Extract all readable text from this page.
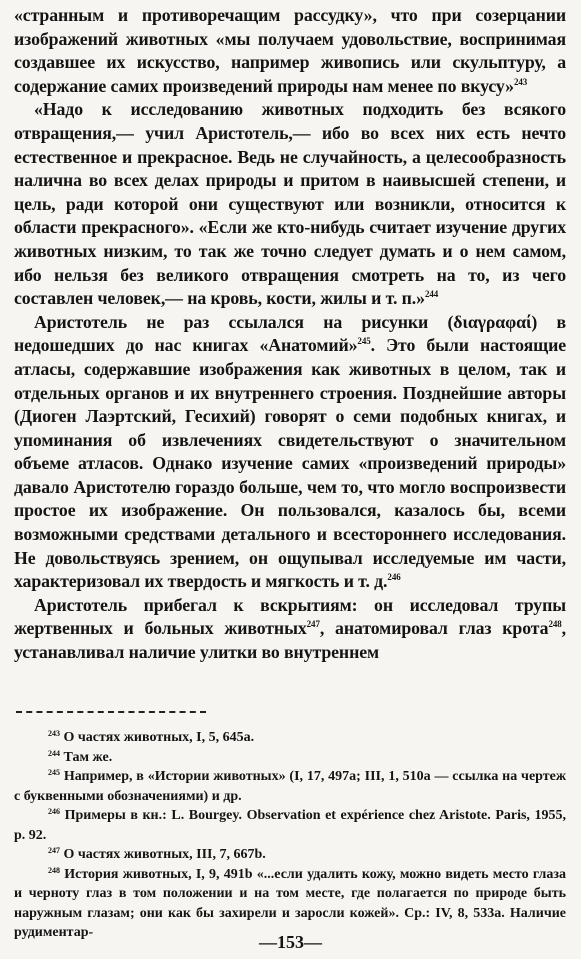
«странным и противоречащим рассудку», что при созерцании изображений животных «мы получаем удовольствие, воспринимая создавшее их искусство, например живопись или скульптуру, а содержание самих произведений природы нам менее по вкусу»$^{243}$

«Надо к исследованию животных подходить без всякого отвращения,— учил Аристотель,— ибо во всех них есть нечто естественное и прекрасное. Ведь не случайность, а целесообразность налична во всех делах природы и притом в наивысшей степени, и цель, ради которой они существуют или возникли, относится к области прекрасного». «Если же кто-нибудь считает изучение других животных низким, то так же точно следует думать и о нем самом, ибо нельзя без великого отвращения смотреть на то, из чего составлен человек,— на кровь, кости, жилы и т. п.»$^{244}$

Аристотель не раз ссылался на рисунки (διαγραφαί) в недошедших до нас книгах «Анатомий»$^{245}$. Это были настоящие атласы, содержавшие изображения как животных в целом, так и отдельных органов и их внутреннего строения. Позднейшие авторы (Диоген Лаэртский, Гесихий) говорят о семи подобных книгах, и упоминания об извлечениях свидетельствуют о значительном объеме атласов. Однако изучение самих «произведений природы» давало Аристотелю гораздо больше, чем то, что могло воспроизвести простое их изображение. Он пользовался, казалось бы, всеми возможными средствами детального и всестороннего исследования. Не довольствуясь зрением, он ощупывал исследуемые им части, характеризовал их твердость и мягкость и т. д.$^{246}$

Аристотель прибегал к вскрытиям: он исследовал трупы жертвенных и больных животных$^{247}$, анатомировал глаз крота$^{248}$, устанавливал наличие улитки во внутреннем

$^{243}$ О частях животных, I, 5, 645a.

$^{244}$ Там же.

$^{245}$ Например, в «Истории животных» (I, 17, 497a; III, 1, 510a — ссылка на чертеж с буквенными обозначениями) и др.

$^{246}$ Примеры в кн.: L. Bourgey. Observation et expérience chez Aristote. Paris, 1955, p. 92.

$^{247}$ О частях животных, III, 7, 667b.

$^{248}$ История животных, I, 9, 491b «...если удалить кожу, можно видеть место глаза и черноту глаз в том положении и на том месте, где полагается по природе быть наружным глазам; они как бы захирели и заросли кожей». Ср.: IV, 8, 533a. Наличие рудиментар-	—153—
